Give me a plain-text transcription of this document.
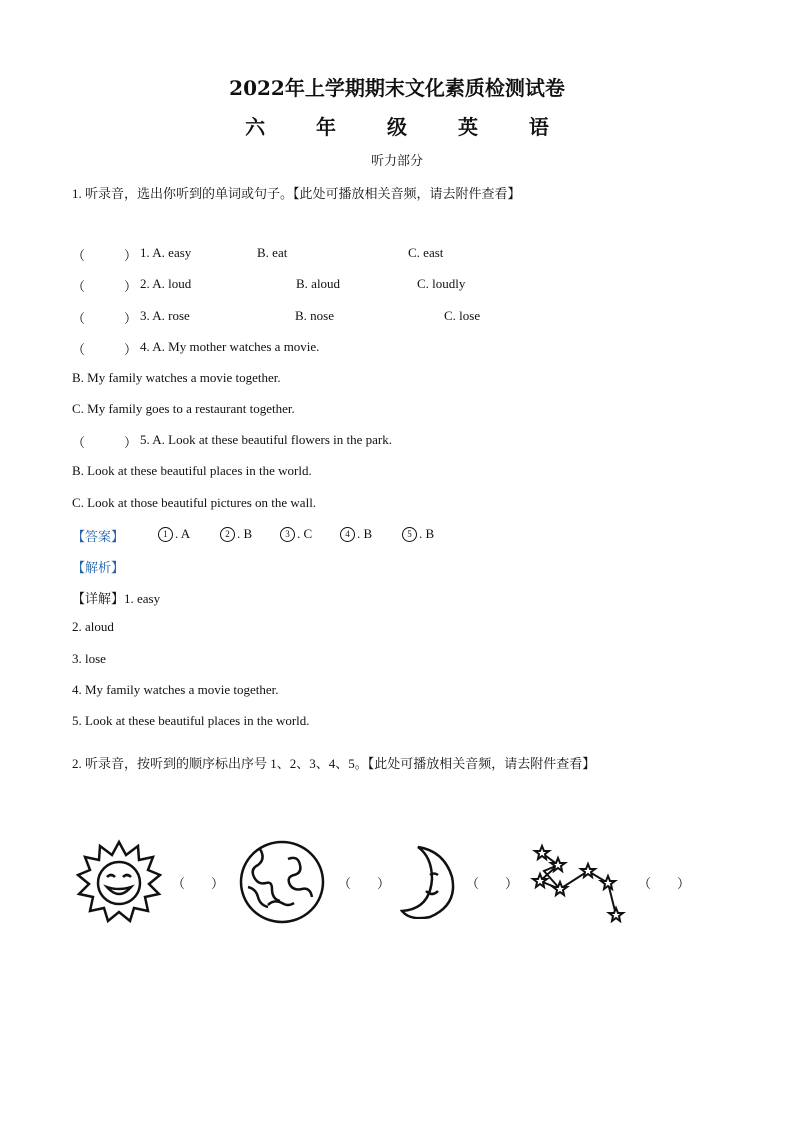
2022年上学期期末文化素质检测试卷
六 年 级 英 语
听力部分
1. 听录音，选出你听到的单词或句子。【此处可播放相关音频，请去附件查看】
（　　　） 1. A. easy	B. eat	C. east
（　　　） 2. A. loud	B. aloud	C. loudly
（　　　） 3. A. rose	B. nose	C. lose
（　　　） 4. A. My mother watches a movie.
B. My family watches a movie together.
C. My family goes to a restaurant together.
（　　　） 5. A. Look at these beautiful flowers in the park.
B. Look at these beautiful places in the world.
C. Look at those beautiful pictures on the wall.
【答案】	1 . A	2 . B	3 . C	4 . B	5 . B
【解析】
【详解】1. easy
2. aloud
3. lose
4. My family watches a movie together.
5. Look at these beautiful places in the world.
2. 听录音，按听到的顺序标出序号 1、2、3、4、5。【此处可播放相关音频，请去附件查看】
（　　）	（　　）	（　　）	（　　）
